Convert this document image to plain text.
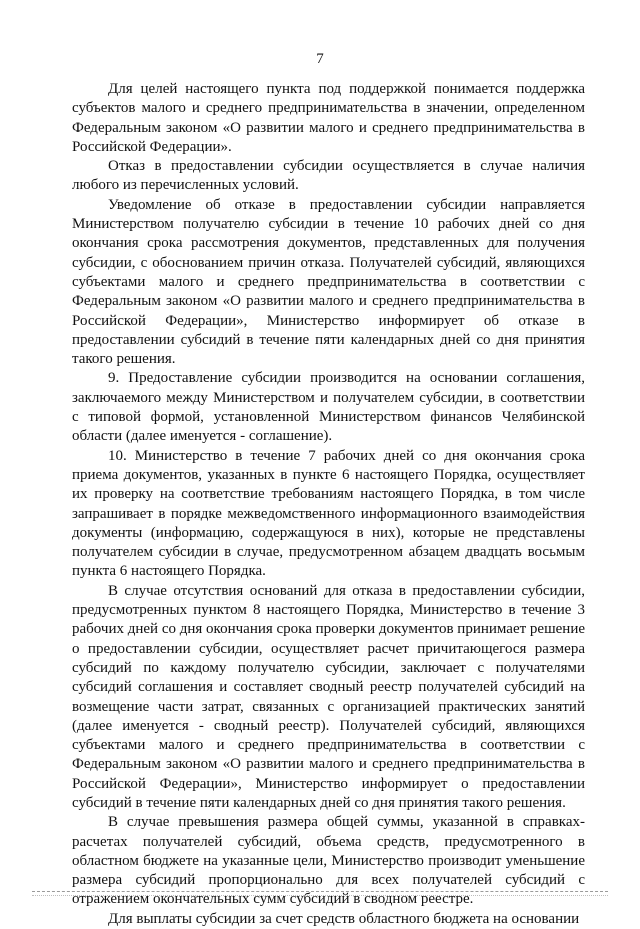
7

Для целей настоящего пункта под поддержкой понимается поддержка субъектов малого и среднего предпринимательства в значении, определенном Федеральным законом «О развитии малого и среднего предпринимательства в Российской Федерации».

Отказ в предоставлении субсидии осуществляется в случае наличия любого из перечисленных условий.

Уведомление об отказе в предоставлении субсидии направляется Министерством получателю субсидии в течение 10 рабочих дней со дня окончания срока рассмотрения документов, представленных для получения субсидии, с обоснованием причин отказа. Получателей субсидий, являющихся субъектами малого и среднего предпринимательства в соответствии с Федеральным законом «О развитии малого и среднего предпринимательства в Российской Федерации», Министерство информирует об отказе в предоставлении субсидий в течение пяти календарных дней со дня принятия такого решения.

9. Предоставление субсидии производится на основании соглашения, заключаемого между Министерством и получателем субсидии, в соответствии с типовой формой, установленной Министерством финансов Челябинской области (далее именуется - соглашение).

10. Министерство в течение 7 рабочих дней со дня окончания срока приема документов, указанных в пункте 6 настоящего Порядка, осуществляет их проверку на соответствие требованиям настоящего Порядка, в том числе запрашивает в порядке межведомственного информационного взаимодействия документы (информацию, содержащуюся в них), которые не представлены получателем субсидии в случае, предусмотренном абзацем двадцать восьмым пункта 6 настоящего Порядка.

В случае отсутствия оснований для отказа в предоставлении субсидии, предусмотренных пунктом 8 настоящего Порядка, Министерство в течение 3 рабочих дней со дня окончания срока проверки документов принимает решение о предоставлении субсидии, осуществляет расчет причитающегося размера субсидий по каждому получателю субсидии, заключает с получателями субсидий соглашения и составляет сводный реестр получателей субсидий на возмещение части затрат, связанных с организацией практических занятий (далее именуется - сводный реестр). Получателей субсидий, являющихся субъектами малого и среднего предпринимательства в соответствии с Федеральным законом «О развитии малого и среднего предпринимательства в Российской Федерации», Министерство информирует о предоставлении субсидий в течение пяти календарных дней со дня принятия такого решения.

В случае превышения размера общей суммы, указанной в справках-расчетах получателей субсидий, объема средств, предусмотренного в областном бюджете на указанные цели, Министерство производит уменьшение размера субсидий пропорционально для всех получателей субсидий с отражением окончательных сумм субсидий в сводном реестре.

Для выплаты субсидии за счет средств областного бюджета на основании
